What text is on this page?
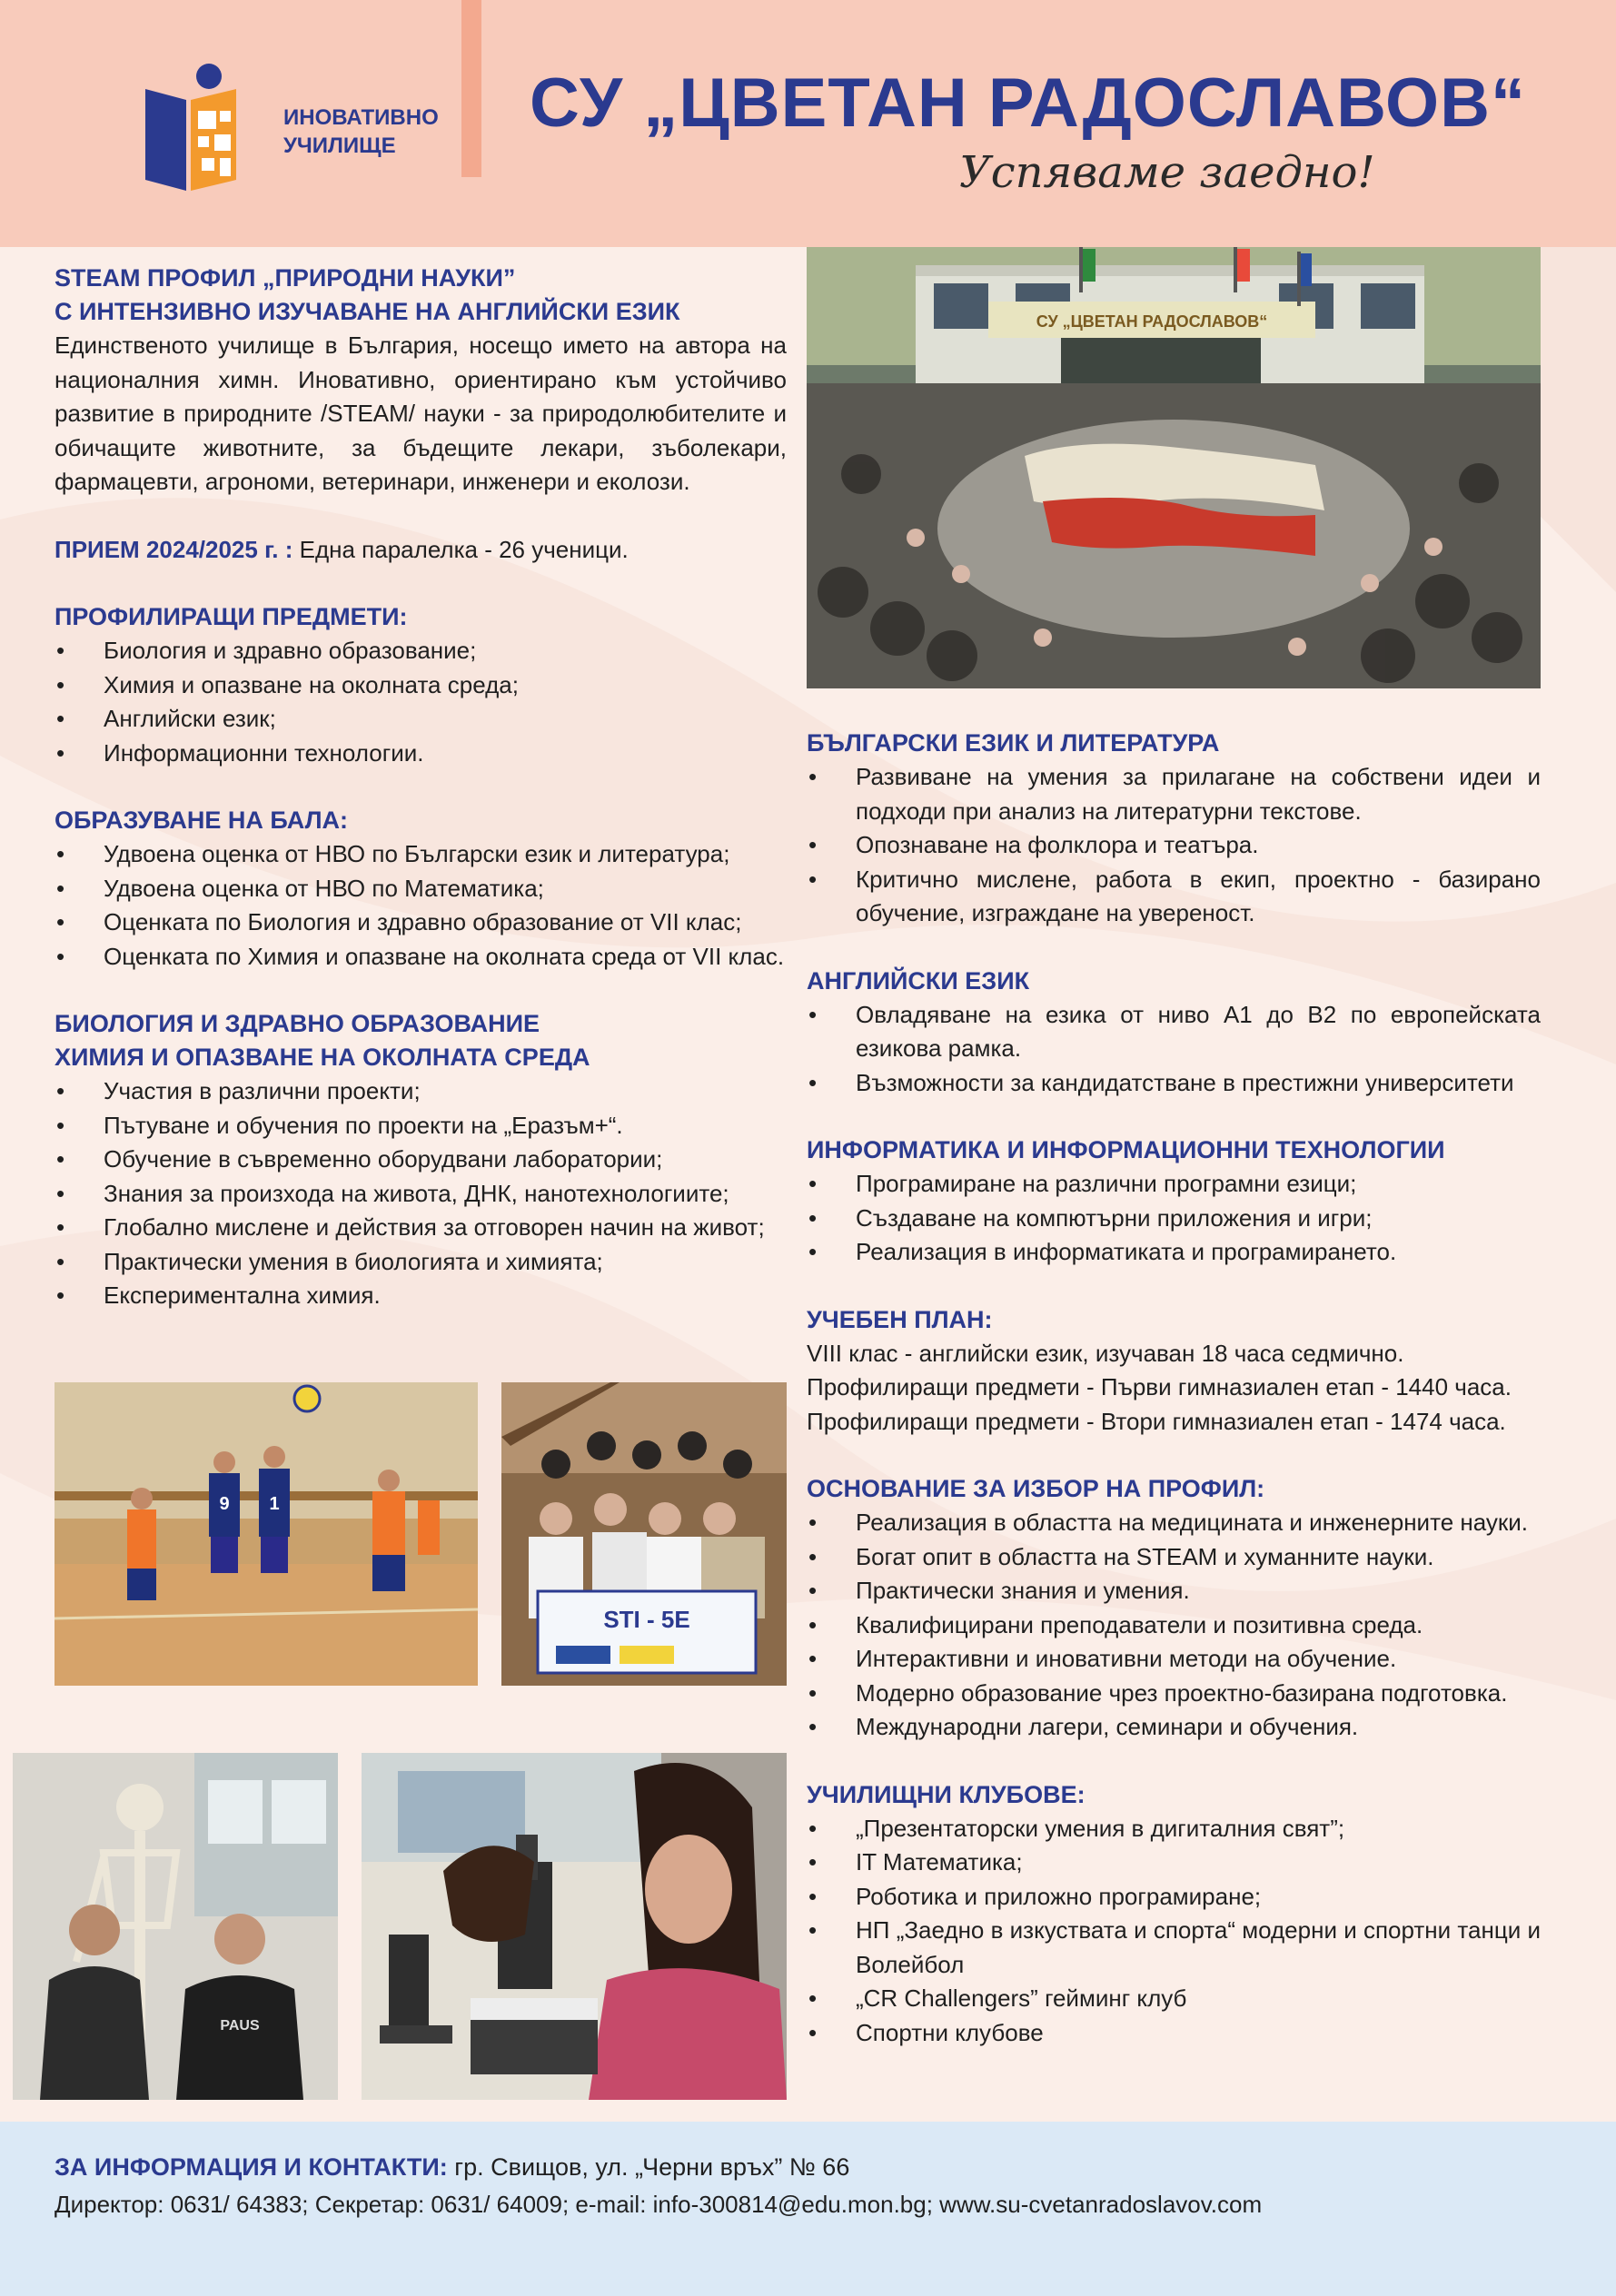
ИНОВАТИВНО
УЧИЛИЩЕ
СУ „ЦВЕТАН РАДОСЛАВОВ“
Успяваме заедно!
STEAM ПРОФИЛ „ПРИРОДНИ НАУКИ”
С ИНТЕНЗИВНО ИЗУЧАВАНЕ НА АНГЛИЙСКИ ЕЗИК
Единственото училище в България, носещо името на автора на националния химн. Иновативно, ориентирано към устойчиво развитие в природните /STEAM/ науки - за природолюбителите и обичащите животните, за бъдещите лекари, зъболекари, фармацевти, агрономи, ветеринари, инженери и еколози.
ПРИЕМ 2024/2025 г. : Една паралелка - 26 ученици.
ПРОФИЛИРАЩИ ПРЕДМЕТИ:
• Биология и здравно образование;
• Химия и опазване на околната среда;
• Английски език;
• Информационни технологии.
ОБРАЗУВАНЕ НА БАЛА:
• Удвоена оценка от НВО по Български език и литература;
• Удвоена оценка от НВО по Математика;
• Оценката по Биология и здравно образование от VII клас;
• Оценката по Химия и опазване на околната среда от VII клас.
БИОЛОГИЯ И ЗДРАВНО ОБРАЗОВАНИЕ
ХИМИЯ И ОПАЗВАНЕ НА ОКОЛНАТА СРЕДА
• Участия в различни проекти;
• Пътуване и обучения по проекти на „Еразъм+“.
• Обучение в съвременно оборудвани лаборатории;
• Знания за произхода на живота, ДНК, нанотехнологиите;
• Глобално мислене и действия за отговорен начин на живот;
• Практически умения в биологията и химията;
• Експериментална химия.
БЪЛГАРСКИ ЕЗИК И ЛИТЕРАТУРА
• Развиване на умения за прилагане на собствени идеи и подходи при анализ на литературни текстове.
• Опознаване на фолклора и театъра.
• Критично мислене, работа в екип, проектно - базирано обучение, изграждане на увереност.
АНГЛИЙСКИ ЕЗИК
• Овладяване на езика от ниво А1 до В2 по европейската езикова рамка.
• Възможности за кандидатстване в престижни университети
ИНФОРМАТИКА И ИНФОРМАЦИОННИ ТЕХНОЛОГИИ
• Програмиране на различни програмни езици;
• Създаване на компютърни приложения и игри;
• Реализация в информатиката и програмирането.
УЧЕБЕН ПЛАН:
VIII клас - английски език, изучаван 18 часа седмично.
Профилиращи предмети - Първи гимназиален етап - 1440 часа.
Профилиращи предмети - Втори гимназиален етап - 1474 часа.
ОСНОВАНИЕ ЗА ИЗБОР НА ПРОФИЛ:
• Реализация в областта на медицината и инженерните науки.
• Богат опит в областта на STEAM и хуманните науки.
• Практически знания и умения.
• Квалифицирани преподаватели и позитивна среда.
• Интерактивни и иновативни методи на обучение.
• Модерно образование чрез проектно-базирана подготовка.
• Международни лагери, семинари и обучения.
УЧИЛИЩНИ КЛУБОВЕ:
• „Презентаторски умения в дигиталния свят”;
• IT Математика;
• Роботика и приложно програмиране;
• НП „Заедно в изкуствата и спорта“ модерни и спортни танци и Волейбол
• „CR Challengers” гейминг клуб
• Спортни клубове
СУ „ЦВЕТАН РАДОСЛАВОВ“
9 1
STI - 5E
PAUS
ЗА ИНФОРМАЦИЯ И КОНТАКТИ: гр. Свищов, ул. „Черни връх” № 66
Директор: 0631/ 64383; Секретар: 0631/ 64009; e-mail: info-300814@edu.mon.bg; www.su-cvetanradoslavov.com
